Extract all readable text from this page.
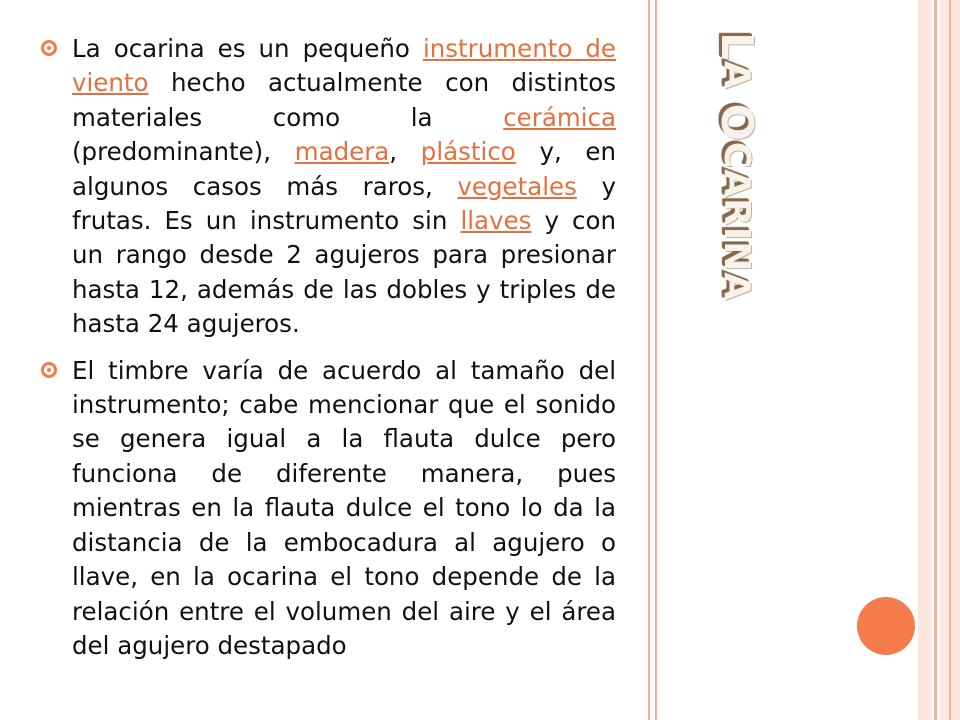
LA OCARINA

La ocarina es un pequeño instrumento de viento hecho actualmente con distintos materiales como la cerámica (predominante), madera, plástico y, en algunos casos más raros, vegetales y frutas. Es un instrumento sin llaves y con un rango desde 2 agujeros para presionar hasta 12, además de las dobles y triples de hasta 24 agujeros.

El timbre varía de acuerdo al tamaño del instrumento; cabe mencionar que el sonido se genera igual a la flauta dulce pero funciona de diferente manera, pues mientras en la flauta dulce el tono lo da la distancia de la embocadura al agujero o llave, en la ocarina el tono depende de la relación entre el volumen del aire y el área del agujero destapado
